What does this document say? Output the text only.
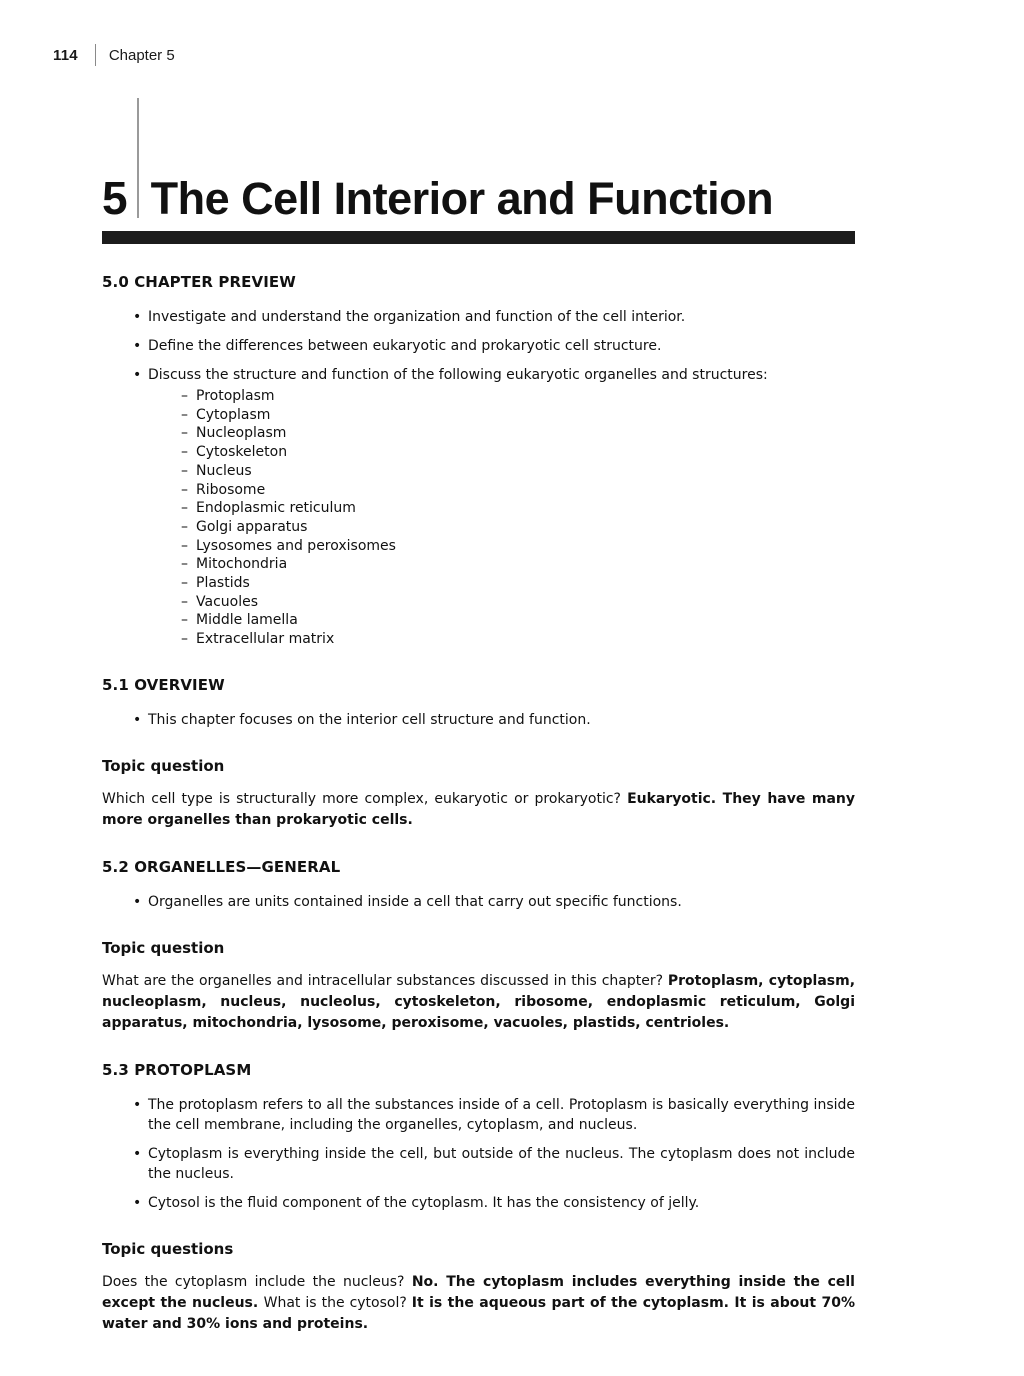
114 Chapter 5
5 The Cell Interior and Function
5.0 CHAPTER PREVIEW
• Investigate and understand the organization and function of the cell interior.
• Define the differences between eukaryotic and prokaryotic cell structure.
• Discuss the structure and function of the following eukaryotic organelles and structures:
– Protoplasm
– Cytoplasm
– Nucleoplasm
– Cytoskeleton
– Nucleus
– Ribosome
– Endoplasmic reticulum
– Golgi apparatus
– Lysosomes and peroxisomes
– Mitochondria
– Plastids
– Vacuoles
– Middle lamella
– Extracellular matrix
5.1 OVERVIEW
• This chapter focuses on the interior cell structure and function.
Topic question

Which cell type is structurally more complex, eukaryotic or prokaryotic? Eukaryotic. They have many more organelles than prokaryotic cells.

5.2 ORGANELLES—GENERAL
• Organelles are units contained inside a cell that carry out specific functions.
Topic question

What are the organelles and intracellular substances discussed in this chapter? Protoplasm, cytoplasm, nucleoplasm, nucleus, nucleolus, cytoskeleton, ribosome, endoplasmic reticulum, Golgi apparatus, mitochondria, lysosome, peroxisome, vacuoles, plastids, centrioles.

5.3 PROTOPLASM
• The protoplasm refers to all the substances inside of a cell. Protoplasm is basically everything inside the cell membrane, including the organelles, cytoplasm, and nucleus.
• Cytoplasm is everything inside the cell, but outside of the nucleus. The cytoplasm does not include the nucleus.
• Cytosol is the fluid component of the cytoplasm. It has the consistency of jelly.
Topic questions

Does the cytoplasm include the nucleus? No. The cytoplasm includes everything inside the cell except the nucleus. What is the cytosol? It is the aqueous part of the cytoplasm. It is about 70% water and 30% ions and proteins.
